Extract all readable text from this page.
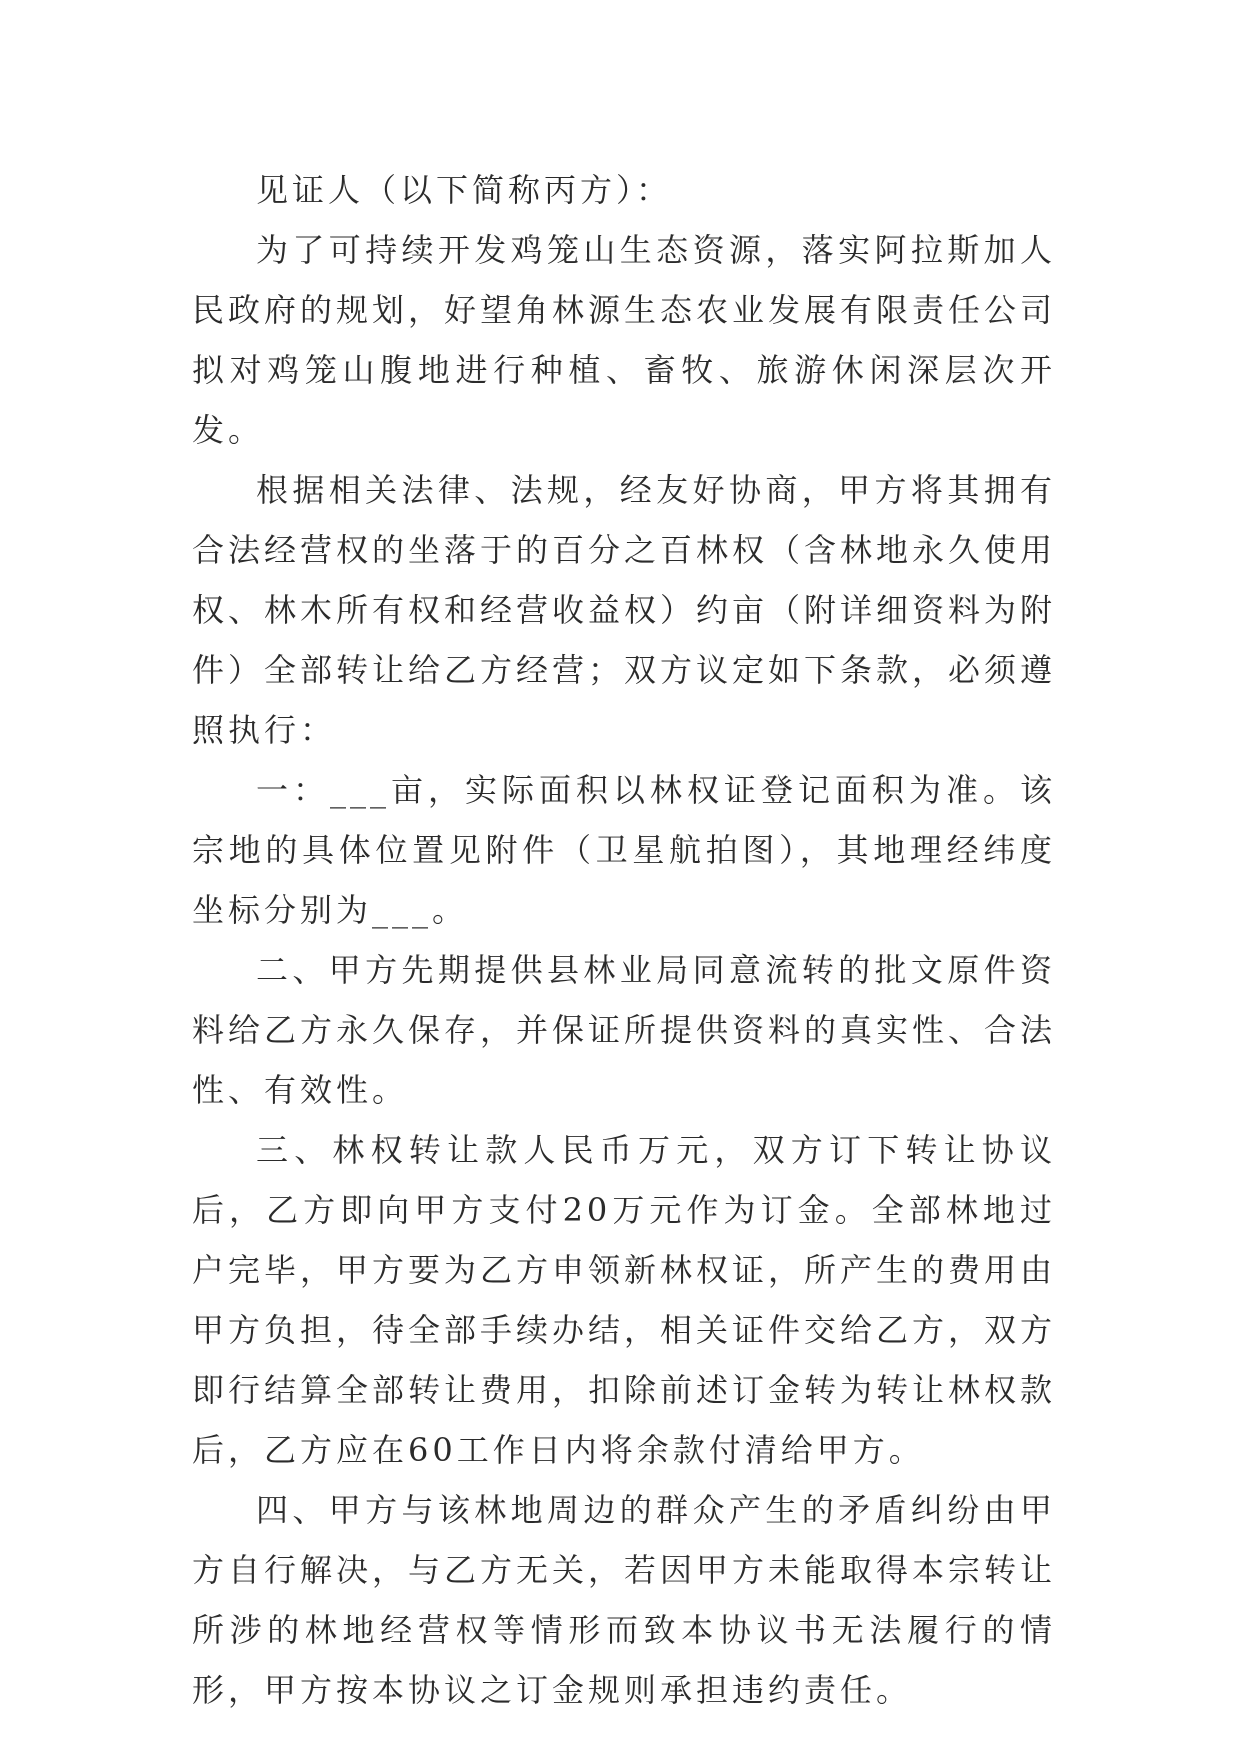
见证人（以下简称丙方）：

为了可持续开发鸡笼山生态资源，落实阿拉斯加人民政府的规划，好望角林源生态农业发展有限责任公司拟对鸡笼山腹地进行种植、畜牧、旅游休闲深层次开发。

根据相关法律、法规，经友好协商，甲方将其拥有合法经营权的坐落于的百分之百林权（含林地永久使用权、林木所有权和经营收益权）约亩（附详细资料为附件）全部转让给乙方经营；双方议定如下条款，必须遵照执行：

一：___亩，实际面积以林权证登记面积为准。该宗地的具体位置见附件（卫星航拍图），其地理经纬度坐标分别为___。

二、甲方先期提供县林业局同意流转的批文原件资料给乙方永久保存，并保证所提供资料的真实性、合法性、有效性。

三、林权转让款人民币万元，双方订下转让协议后，乙方即向甲方支付20万元作为订金。全部林地过户完毕，甲方要为乙方申领新林权证，所产生的费用由甲方负担，待全部手续办结，相关证件交给乙方，双方即行结算全部转让费用，扣除前述订金转为转让林权款后，乙方应在60工作日内将余款付清给甲方。

四、甲方与该林地周边的群众产生的矛盾纠纷由甲方自行解决，与乙方无关，若因甲方未能取得本宗转让所涉的林地经营权等情形而致本协议书无法履行的情形，甲方按本协议之订金规则承担违约责任。
